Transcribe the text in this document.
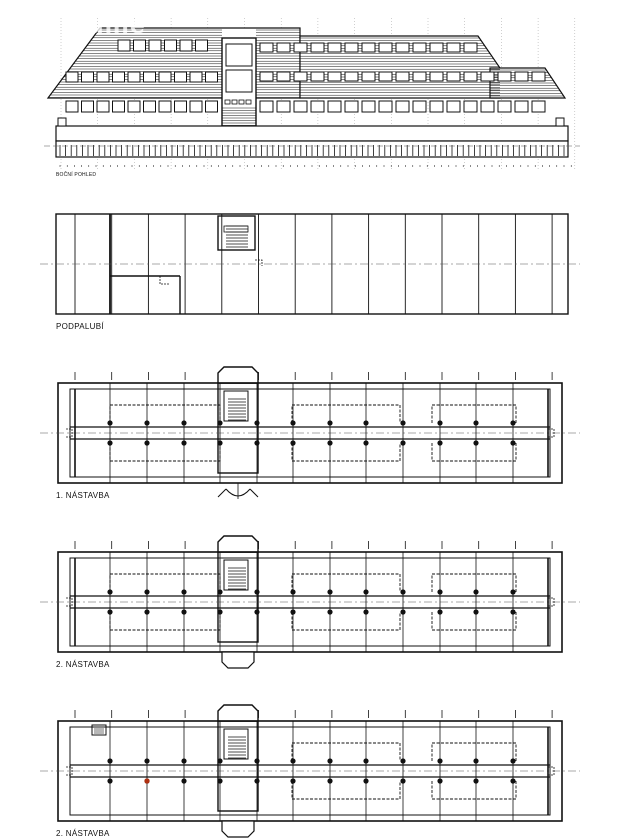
unie
BOČNÍ POHLED
PODPALUBÍ
1. NÁSTAVBA
2. NÁSTAVBA
2. NÁSTAVBA
